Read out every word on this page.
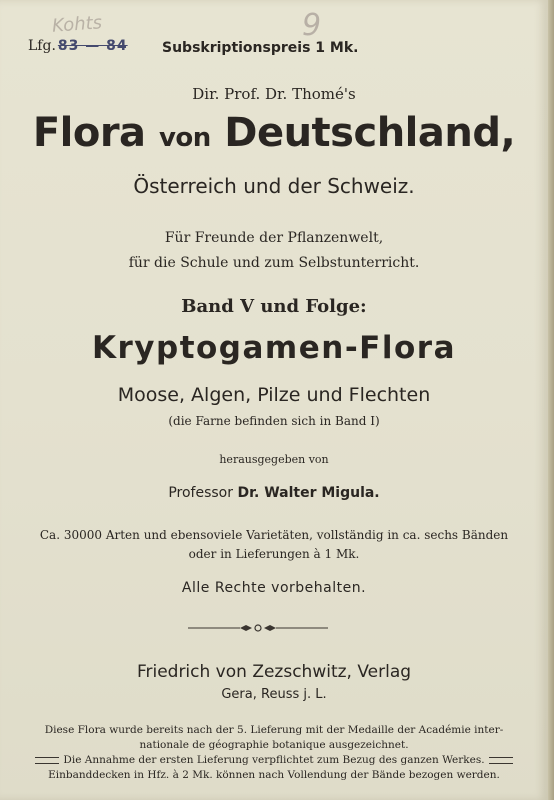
Kohts	9
Lfg. 83 — 84 Subskriptionspreis 1 Mk.
Dir. Prof. Dr. Thomé's
Flora von Deutschland,
Österreich und der Schweiz.
Für Freunde der Pflanzenwelt,
für die Schule und zum Selbstunterricht.
Band V und Folge:
Kryptogamen-Flora
Moose, Algen, Pilze und Flechten
(die Farne befinden sich in Band I)
herausgegeben von
Professor Dr. Walter Migula.
Ca. 30000 Arten und ebensoviele Varietäten, vollständig in ca. sechs Bänden
oder in Lieferungen à 1 Mk.
Alle Rechte vorbehalten.
Friedrich von Zezschwitz, Verlag
Gera, Reuss j. L.
Diese Flora wurde bereits nach der 5. Lieferung mit der Medaille der Académie inter-
nationale de géographie botanique ausgezeichnet.
Die Annahme der ersten Lieferung verpflichtet zum Bezug des ganzen Werkes.
Einbanddecken in Hfz. à 2 Mk. können nach Vollendung der Bände bezogen werden.
